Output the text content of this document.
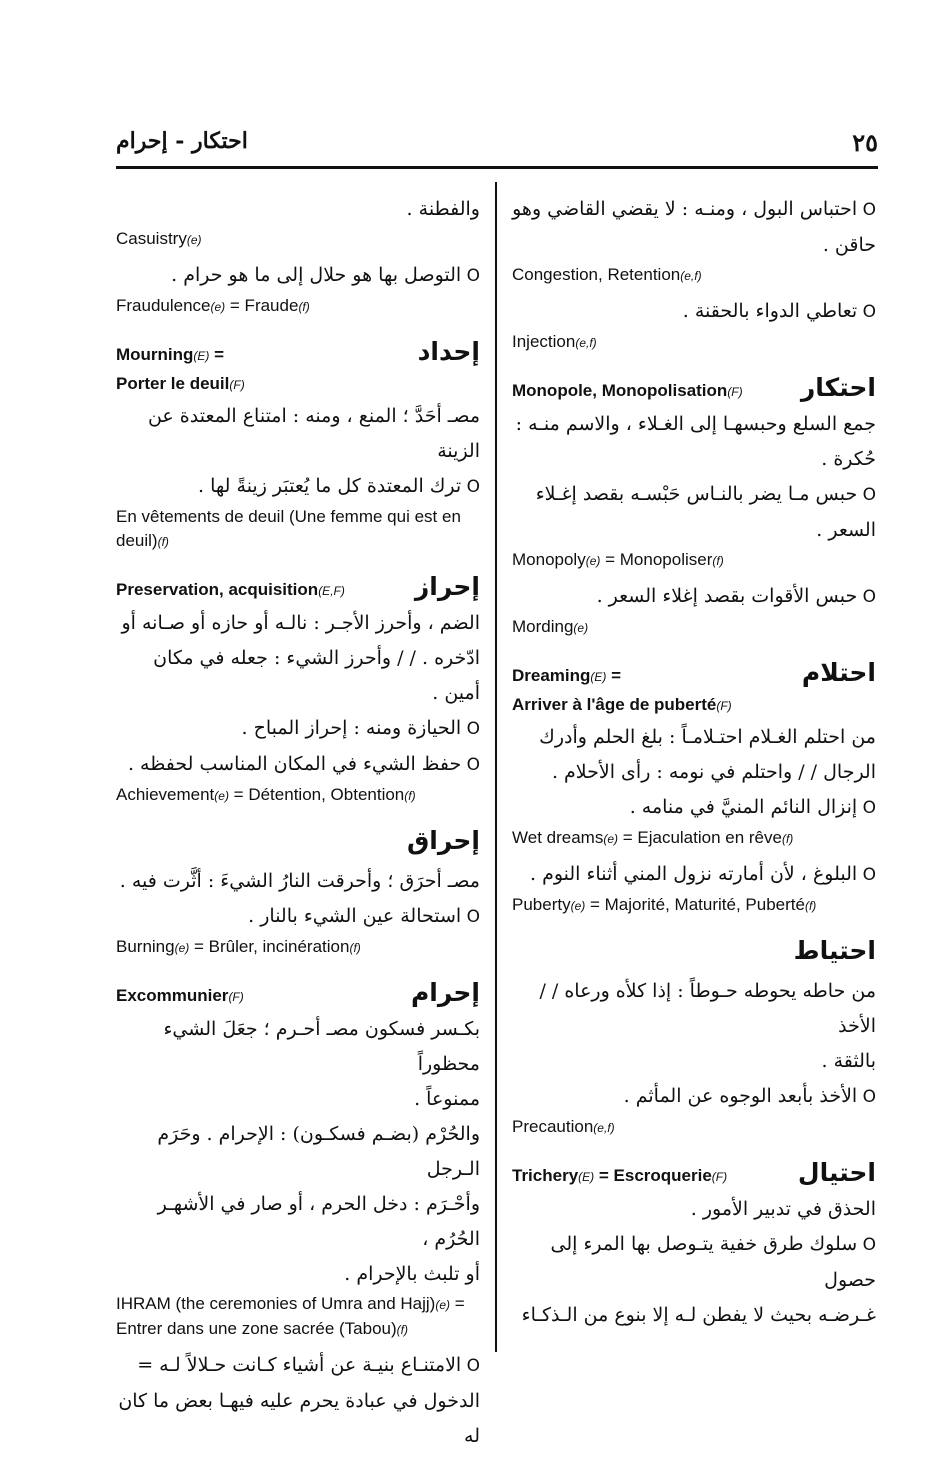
احتكار - إحرام	٢٥
O احتباس البول ، ومنـه : لا يقضي القاضي وهو
حاقن .
Congestion, Retention(e,f)
O تعاطي الدواء بالحقنة .
Injection(e,f)
احتكار
Monopole, Monopolisation(F)
جمع السلع وحبسهـا إلى الغـلاء ، والاسم منـه :
حُكرة .
O حبس مـا يضر بالنـاس حَبْسـه بقصد إغـلاء
السعر .
Monopoly(e) = Monopoliser(f)
O حبس الأقوات بقصد إغلاء السعر .
Mording(e)
احتلام
Dreaming(E) =
Arriver à l'âge de puberté(F)
من احتلم الغـلام احتـلامـاً : بلغ الحلم وأدرك
الرجال / / واحتلم في نومه : رأى الأحلام .
O إنزال النائم المنيَّ في منامه .
Wet dreams(e) = Ejaculation en rêve(f)
O البلوغ ، لأن أمارته نزول المني أثناء النوم .
Puberty(e) = Majorité, Maturité, Puberté(f)
احتياط
من حاطه يحوطه حـوطاً : إذا كلأه ورعاه / / الأخذ
بالثقة .
O الأخذ بأبعد الوجوه عن المأثم .
Precaution(e,f)
احتيال
Trichery(E) = Escroquerie(F)
الحذق في تدبير الأمور .
O سلوك طرق خفية يتـوصل بها المرء إلى حصول
غـرضـه بحيث لا يفطن لـه إلا بنوع من الـذكـاء
والفطنة .
Casuistry(e)
O التوصل بها هو حلال إلى ما هو حرام .
Fraudulence(e) = Fraude(f)
إحداد
Mourning(E) =
Porter le deuil(F)
مصـ أحَدَّ ؛ المنع ، ومنه : امتناع المعتدة عن الزينة
O ترك المعتدة كل ما يُعتبَر زينةً لها .
En vêtements de deuil (Une femme qui est en deuil)(f)
إحراز
Preservation, acquisition(E,F)
الضم ، وأحرز الأجـر : نالـه أو حازه أو صـانه أو
ادّخره . / / وأحرز الشيء : جعله في مكان أمين .
O الحيازة ومنه : إحراز المباح .
O حفظ الشيء في المكان المناسب لحفظه .
Achievement(e) = Détention, Obtention(f)
إحراق
مصـ أحرَق ؛ وأحرقت النارُ الشيءَ : أثَّرت فيه .
O استحالة عين الشيء بالنار .
Burning(e) = Brûler, incinération(f)
إحرام
Excommunier(F)
بكـسر فسكون مصـ أحـرم ؛ جعَلَ الشيء محظوراً
ممنوعاً .
والحُرْم (بضـم فسكـون) : الإحرام . وحَرَم الـرجل
وأحْـرَم : دخل الحرم ، أو صار في الأشهـر الحُرُم ،
أو تلبث بالإحرام .
IHRAM (the ceremonies of Umra and Hajj)(e) = Entrer dans une zone sacrée (Tabou)(f)
O الامتنـاع بنيـة عن أشياء كـانت حـلالاً لـه =
الدخول في عبادة يحرم عليه فيهـا بعض ما كان له
